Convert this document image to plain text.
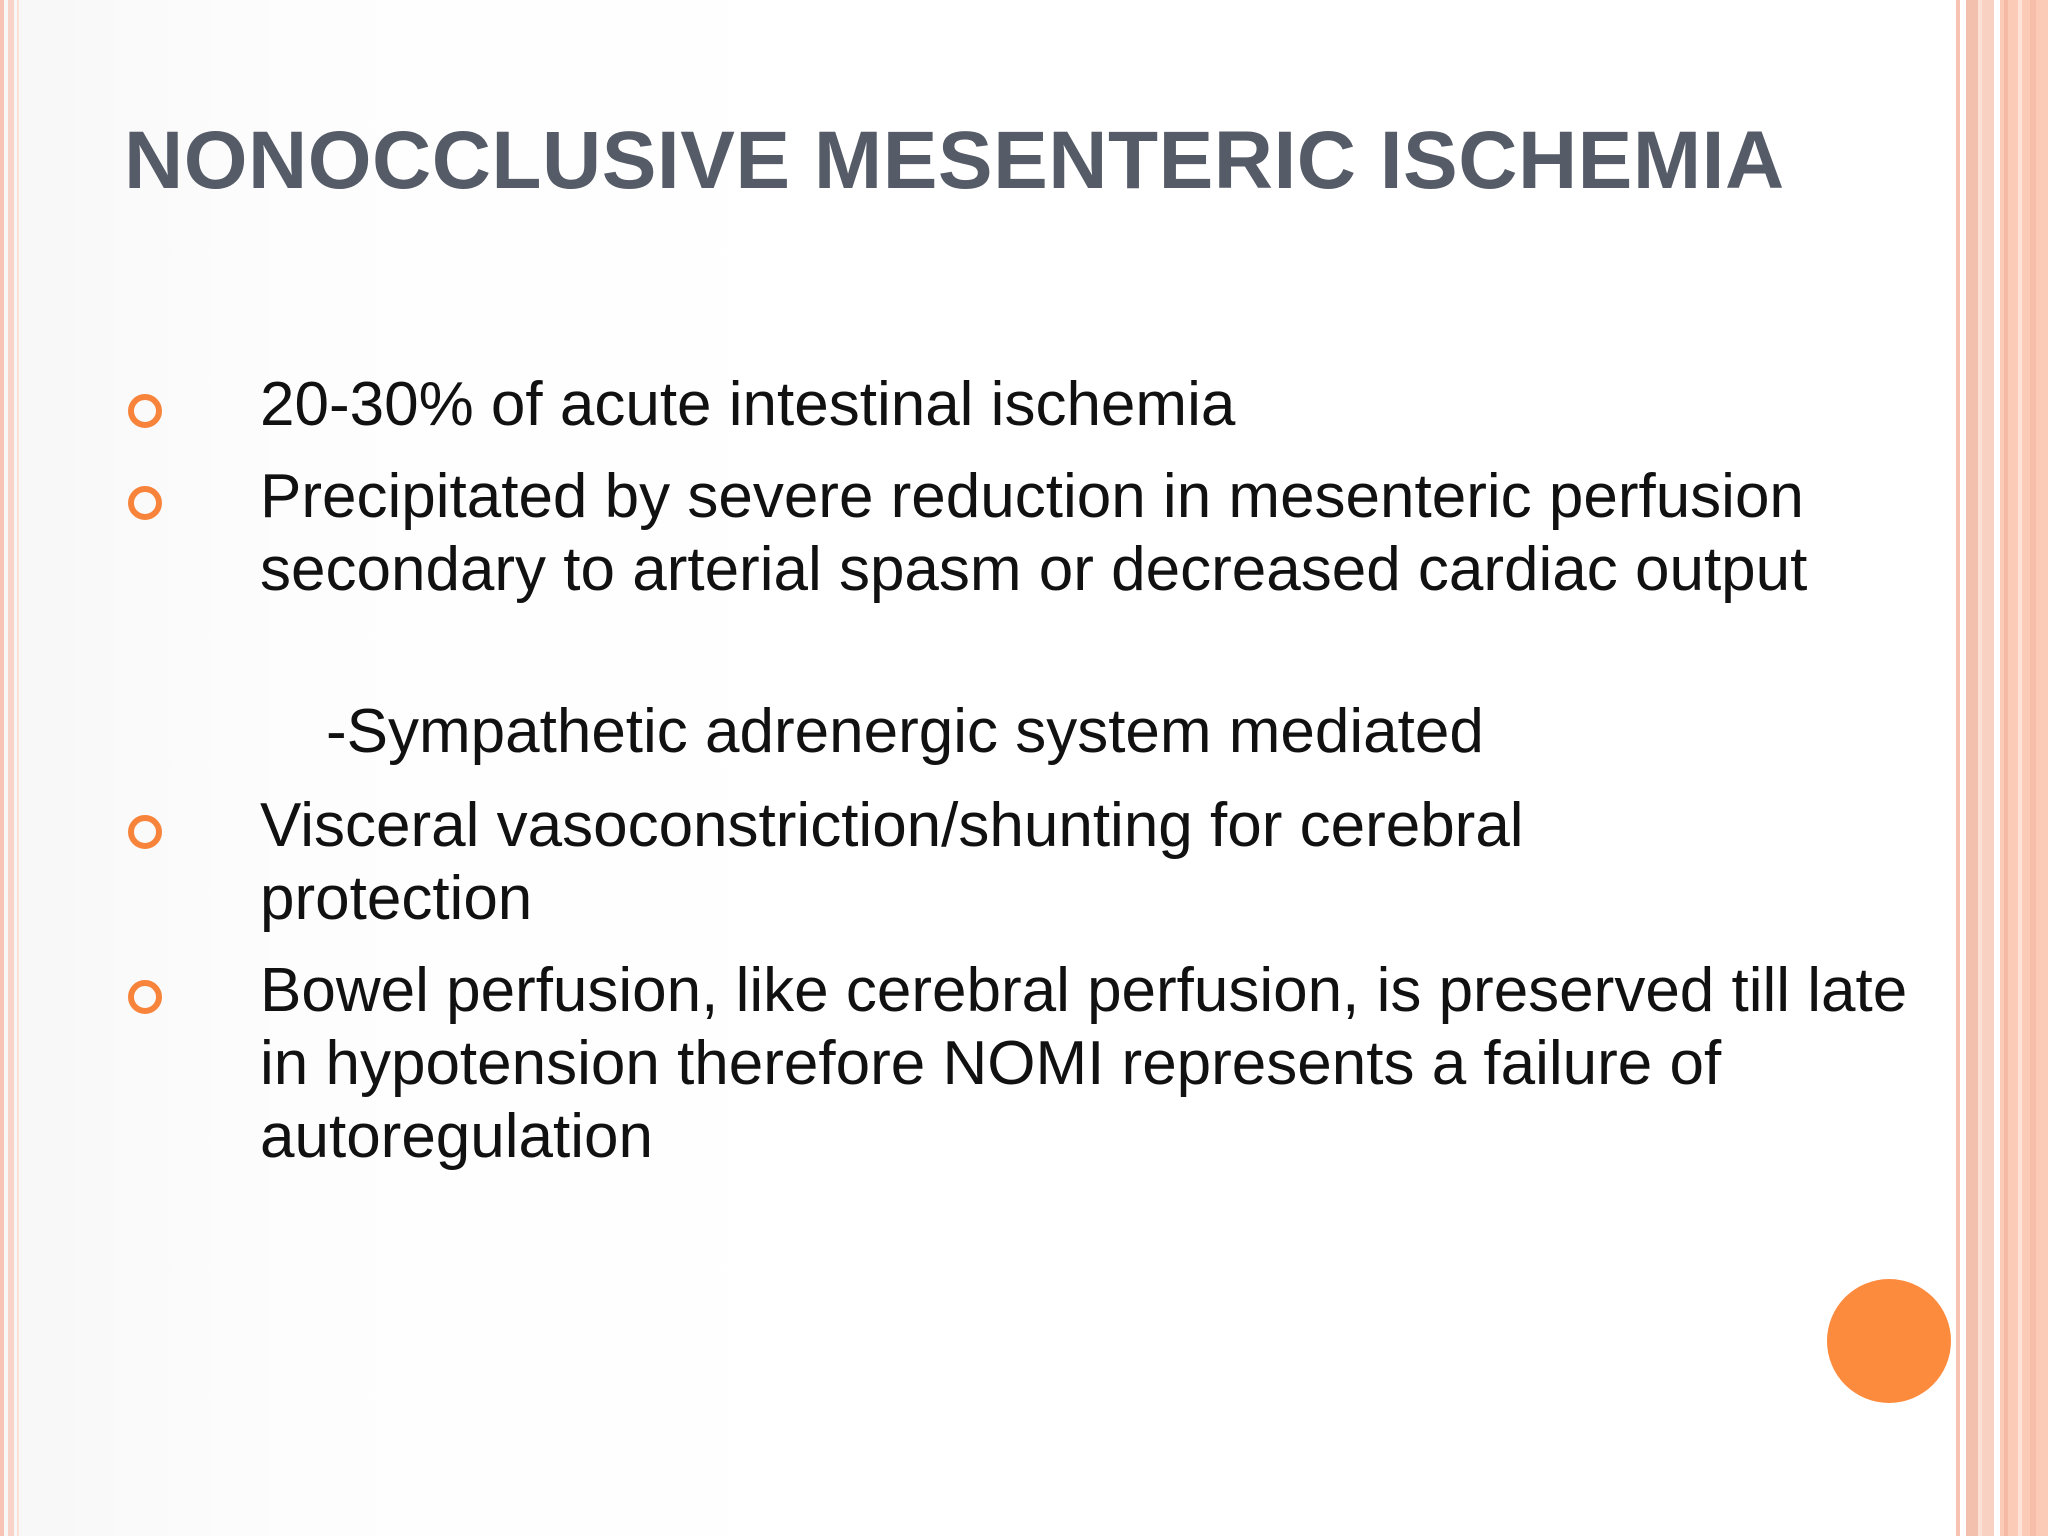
NONOCCLUSIVE MESENTERIC ISCHEMIA
20-30% of acute intestinal ischemia
Precipitated by severe reduction in mesenteric perfusion secondary to arterial spasm or decreased cardiac output
-Sympathetic adrenergic system mediated
Visceral vasoconstriction/shunting for cerebral protection
Bowel perfusion, like cerebral perfusion, is preserved till late in hypotension therefore NOMI represents a failure of autoregulation
